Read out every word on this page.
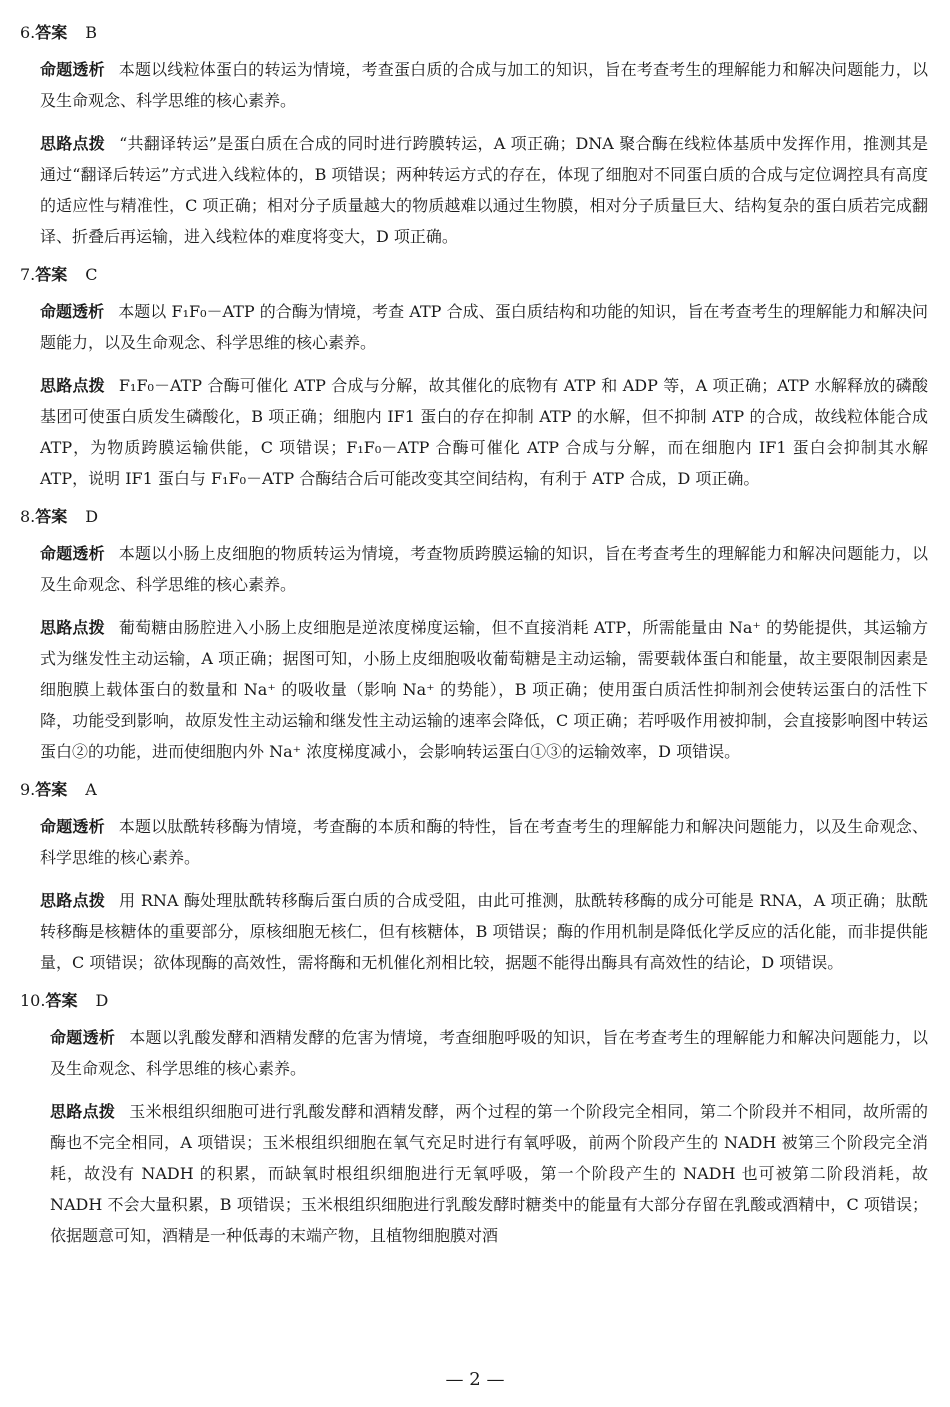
6.答案 B

命题透析 本题以线粒体蛋白的转运为情境，考查蛋白质的合成与加工的知识，旨在考查考生的理解能力和解决问题能力，以及生命观念、科学思维的核心素养。

思路点拨 “共翻译转运”是蛋白质在合成的同时进行跨膜转运，A 项正确；DNA 聚合酶在线粒体基质中发挥作用，推测其是通过“翻译后转运”方式进入线粒体的，B 项错误；两种转运方式的存在，体现了细胞对不同蛋白质的合成与定位调控具有高度的适应性与精准性，C 项正确；相对分子质量越大的物质越难以通过生物膜，相对分子质量巨大、结构复杂的蛋白质若完成翻译、折叠后再运输，进入线粒体的难度将变大，D 项正确。

7.答案 C

命题透析 本题以 F₁F₀－ATP 的合酶为情境，考查 ATP 合成、蛋白质结构和功能的知识，旨在考查考生的理解能力和解决问题能力，以及生命观念、科学思维的核心素养。

思路点拨 F₁F₀－ATP 合酶可催化 ATP 合成与分解，故其催化的底物有 ATP 和 ADP 等，A 项正确；ATP 水解释放的磷酸基团可使蛋白质发生磷酸化，B 项正确；细胞内 IF1 蛋白的存在抑制 ATP 的水解，但不抑制 ATP 的合成，故线粒体能合成 ATP，为物质跨膜运输供能，C 项错误；F₁F₀－ATP 合酶可催化 ATP 合成与分解，而在细胞内 IF1 蛋白会抑制其水解 ATP，说明 IF1 蛋白与 F₁F₀－ATP 合酶结合后可能改变其空间结构，有利于 ATP 合成，D 项正确。

8.答案 D

命题透析 本题以小肠上皮细胞的物质转运为情境，考查物质跨膜运输的知识，旨在考查考生的理解能力和解决问题能力，以及生命观念、科学思维的核心素养。

思路点拨 葡萄糖由肠腔进入小肠上皮细胞是逆浓度梯度运输，但不直接消耗 ATP，所需能量由 Na⁺ 的势能提供，其运输方式为继发性主动运输，A 项正确；据图可知，小肠上皮细胞吸收葡萄糖是主动运输，需要载体蛋白和能量，故主要限制因素是细胞膜上载体蛋白的数量和 Na⁺ 的吸收量（影响 Na⁺ 的势能），B 项正确；使用蛋白质活性抑制剂会使转运蛋白的活性下降，功能受到影响，故原发性主动运输和继发性主动运输的速率会降低，C 项正确；若呼吸作用被抑制，会直接影响图中转运蛋白②的功能，进而使细胞内外 Na⁺ 浓度梯度减小，会影响转运蛋白①③的运输效率，D 项错误。

9.答案 A

命题透析 本题以肽酰转移酶为情境，考查酶的本质和酶的特性，旨在考查考生的理解能力和解决问题能力，以及生命观念、科学思维的核心素养。

思路点拨 用 RNA 酶处理肽酰转移酶后蛋白质的合成受阻，由此可推测，肽酰转移酶的成分可能是 RNA，A 项正确；肽酰转移酶是核糖体的重要部分，原核细胞无核仁，但有核糖体，B 项错误；酶的作用机制是降低化学反应的活化能，而非提供能量，C 项错误；欲体现酶的高效性，需将酶和无机催化剂相比较，据题不能得出酶具有高效性的结论，D 项错误。

10.答案 D

命题透析 本题以乳酸发酵和酒精发酵的危害为情境，考查细胞呼吸的知识，旨在考查考生的理解能力和解决问题能力，以及生命观念、科学思维的核心素养。

思路点拨 玉米根组织细胞可进行乳酸发酵和酒精发酵，两个过程的第一个阶段完全相同，第二个阶段并不相同，故所需的酶也不完全相同，A 项错误；玉米根组织细胞在氧气充足时进行有氧呼吸，前两个阶段产生的 NADH 被第三个阶段完全消耗，故没有 NADH 的积累，而缺氧时根组织细胞进行无氧呼吸，第一个阶段产生的 NADH 也可被第二阶段消耗，故 NADH 不会大量积累，B 项错误；玉米根组织细胞进行乳酸发酵时糖类中的能量有大部分存留在乳酸或酒精中，C 项错误；依据题意可知，酒精是一种低毒的末端产物，且植物细胞膜对酒

— 2 —
